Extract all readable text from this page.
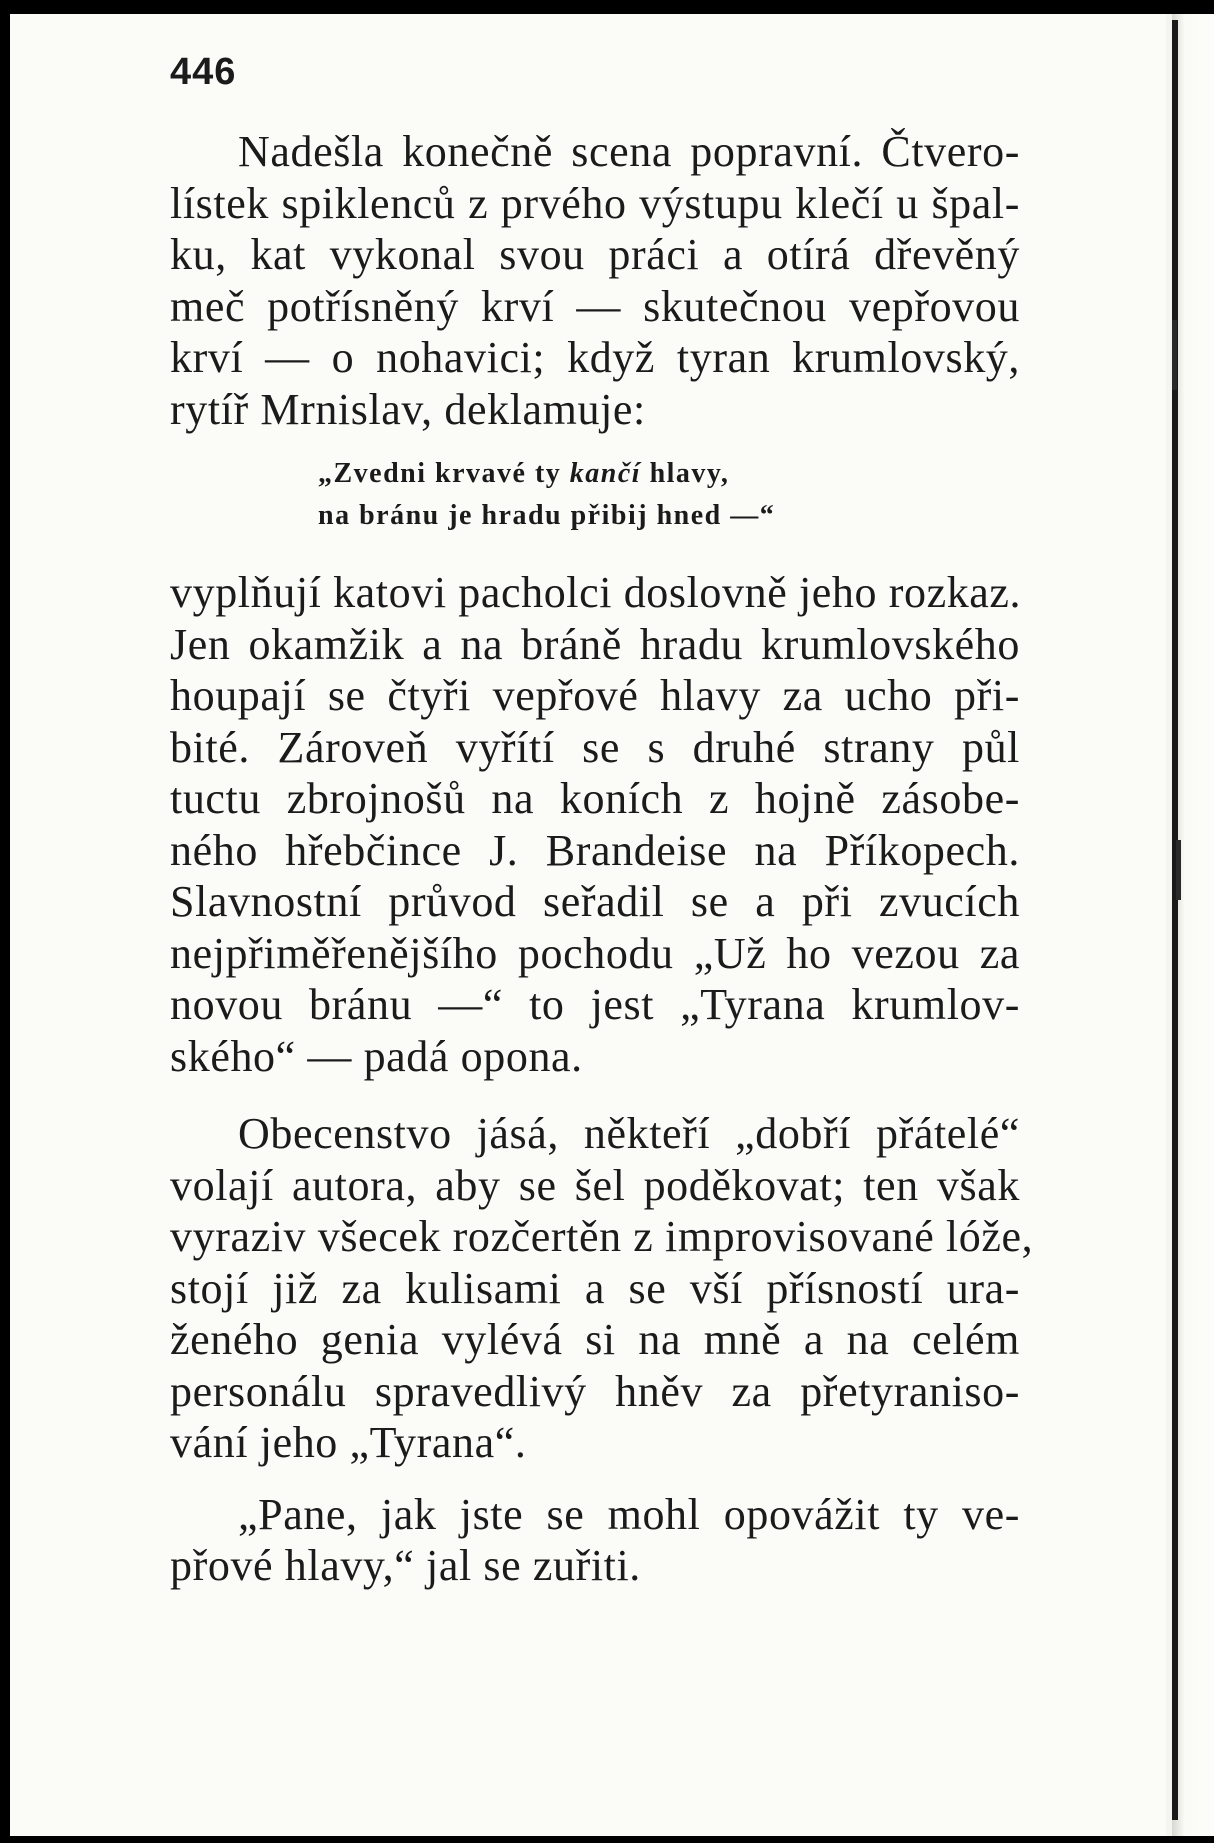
446

Nadešla konečně scena popravní. Čtvero-
lístek spiklenců z prvého výstupu klečí u špal-
ku, kat vykonal svou práci a otírá dřevěný
meč potřísněný krví — skutečnou vepřovou
krví — o nohavici; když tyran krumlovský,
rytíř Mrnislav, deklamuje:

„Zvedni krvavé ty kančí hlavy,
na bránu je hradu přibij hned —“

vyplňují katovi pacholci doslovně jeho rozkaz.
Jen okamžik a na bráně hradu krumlovského
houpají se čtyři vepřové hlavy za ucho při-
bité. Zároveň vyřítí se s druhé strany půl
tuctu zbrojnošů na koních z hojně zásobe-
ného hřebčince J. Brandeise na Příkopech.
Slavnostní průvod seřadil se a při zvucích
nejpřiměřenějšího pochodu „Už ho vezou za
novou bránu —“ to jest „Tyrana krumlov-
ského“ — padá opona.

Obecenstvo jásá, někteří „dobří přátelé“
volají autora, aby se šel poděkovat; ten však
vyraziv všecek rozčertěn z improvisované lóže,
stojí již za kulisami a se vší přísností ura-
ženého genia vylévá si na mně a na celém
personálu spravedlivý hněv za přetyraniso-
vání jeho „Tyrana“.

„Pane, jak jste se mohl opovážit ty ve-
přové hlavy,“ jal se zuřiti.
